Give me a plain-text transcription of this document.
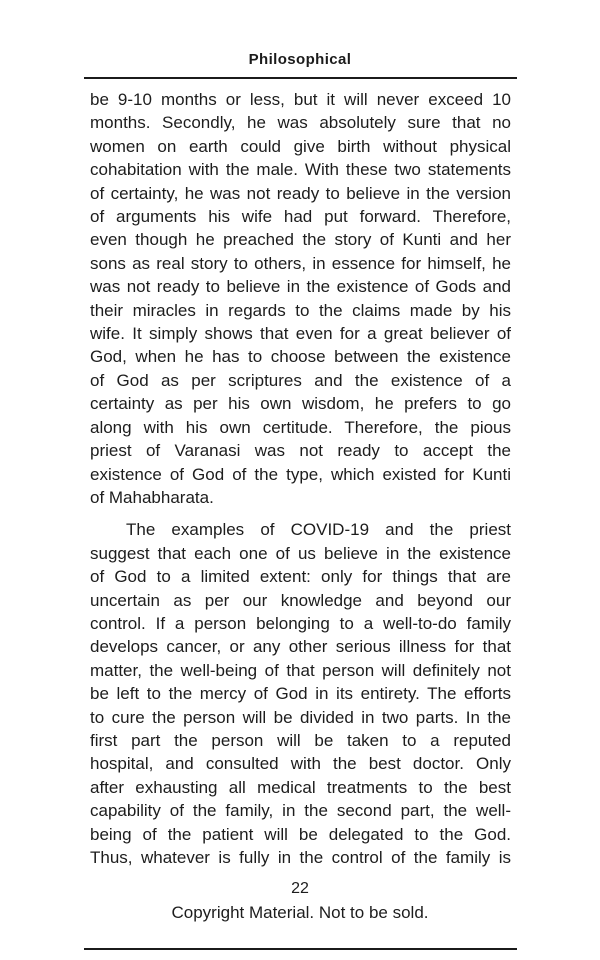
Philosophical
be 9-10 months or less, but it will never exceed 10
months. Secondly, he was absolutely sure that no
women on earth could give birth without physical
cohabitation with the male. With these two statements
of certainty, he was not ready to believe in the version
of arguments his wife had put forward. Therefore,
even though he preached the story of Kunti and her
sons as real story to others, in essence for himself, he
was not ready to believe in the existence of Gods and
their miracles in regards to the claims made by his
wife. It simply shows that even for a great believer of
God, when he has to choose between the existence
of God as per scriptures and the existence of a
certainty as per his own wisdom, he prefers to go
along with his own certitude. Therefore, the pious
priest of Varanasi was not ready to accept the
existence of God of the type, which existed for Kunti
of Mahabharata.
The examples of COVID-19 and the priest
suggest that each one of us believe in the existence
of God to a limited extent: only for things that are
uncertain as per our knowledge and beyond our
control. If a person belonging to a well-to-do family
develops cancer, or any other serious illness for that
matter, the well-being of that person will definitely not
be left to the mercy of God in its entirety. The efforts
to cure the person will be divided in two parts. In the
first part the person will be taken to a reputed
hospital, and consulted with the best doctor. Only
after exhausting all medical treatments to the best
capability of the family, in the second part, the well-
being of the patient will be delegated to the God.
Thus, whatever is fully in the control of the family is
22
Copyright Material. Not to be sold.
